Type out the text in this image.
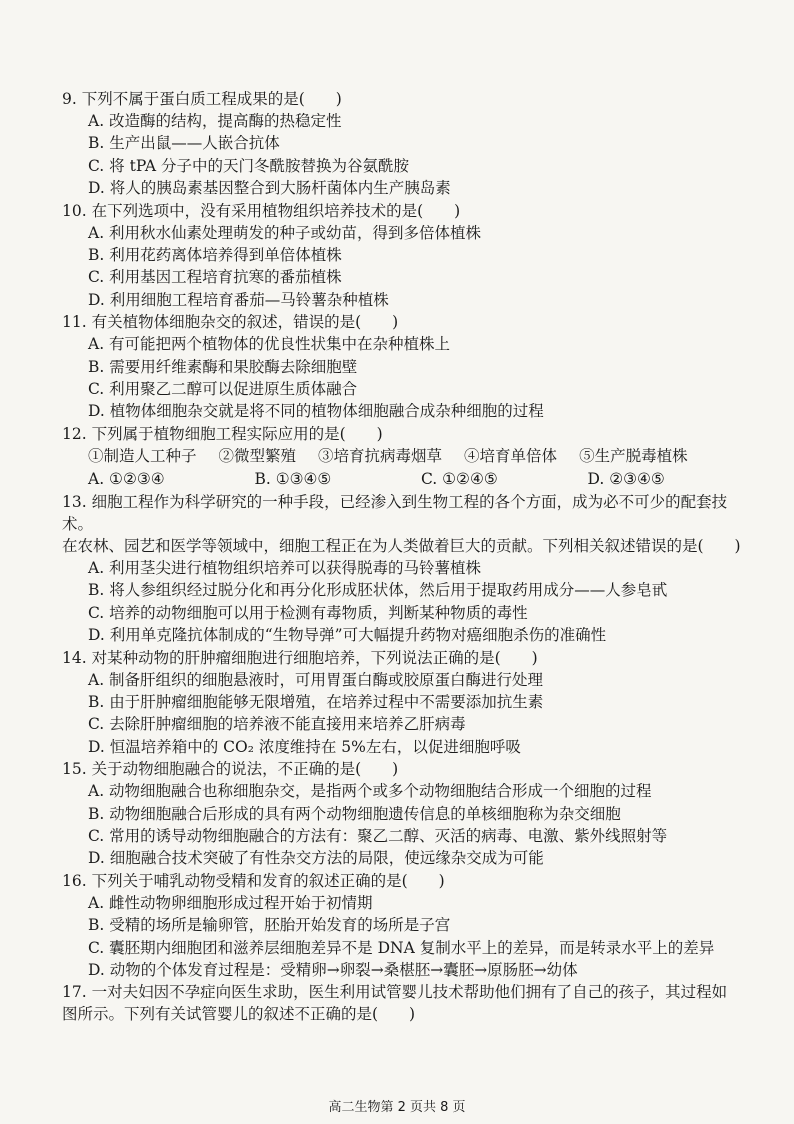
9. 下列不属于蛋白质工程成果的是(　　)
A. 改造酶的结构，提高酶的热稳定性
B. 生产出鼠——人嵌合抗体
C. 将 tPA 分子中的天门冬酰胺替换为谷氨酰胺
D. 将人的胰岛素基因整合到大肠杆菌体内生产胰岛素
10. 在下列选项中，没有采用植物组织培养技术的是(　　)
A. 利用秋水仙素处理萌发的种子或幼苗，得到多倍体植株
B. 利用花药离体培养得到单倍体植株
C. 利用基因工程培育抗寒的番茄植株
D. 利用细胞工程培育番茄—马铃薯杂种植株
11. 有关植物体细胞杂交的叙述，错误的是(　　)
A. 有可能把两个植物体的优良性状集中在杂种植株上
B. 需要用纤维素酶和果胶酶去除细胞壁
C. 利用聚乙二醇可以促进原生质体融合
D. 植物体细胞杂交就是将不同的植物体细胞融合成杂种细胞的过程
12. 下列属于植物细胞工程实际应用的是(　　)
①制造人工种子 ②微型繁殖 ③培育抗病毒烟草 ④培育单倍体 ⑤生产脱毒植株
A. ①②③④	B. ①③④⑤	C. ①②④⑤	D. ②③④⑤
13. 细胞工程作为科学研究的一种手段，已经渗入到生物工程的各个方面，成为必不可少的配套技术。
在农林、园艺和医学等领域中，细胞工程正在为人类做着巨大的贡献。下列相关叙述错误的是(　　)
A. 利用茎尖进行植物组织培养可以获得脱毒的马铃薯植株
B. 将人参组织经过脱分化和再分化形成胚状体，然后用于提取药用成分——人参皂甙
C. 培养的动物细胞可以用于检测有毒物质，判断某种物质的毒性
D. 利用单克隆抗体制成的“生物导弹”可大幅提升药物对癌细胞杀伤的准确性
14. 对某种动物的肝肿瘤细胞进行细胞培养，下列说法正确的是(　　)
A. 制备肝组织的细胞悬液时，可用胃蛋白酶或胶原蛋白酶进行处理
B. 由于肝肿瘤细胞能够无限增殖，在培养过程中不需要添加抗生素
C. 去除肝肿瘤细胞的培养液不能直接用来培养乙肝病毒
D. 恒温培养箱中的 CO₂ 浓度维持在 5%左右，以促进细胞呼吸
15. 关于动物细胞融合的说法，不正确的是(　　)
A. 动物细胞融合也称细胞杂交，是指两个或多个动物细胞结合形成一个细胞的过程
B. 动物细胞融合后形成的具有两个动物细胞遗传信息的单核细胞称为杂交细胞
C. 常用的诱导动物细胞融合的方法有：聚乙二醇、灭活的病毒、电激、紫外线照射等
D. 细胞融合技术突破了有性杂交方法的局限，使远缘杂交成为可能
16. 下列关于哺乳动物受精和发育的叙述正确的是(　　)
A. 雌性动物卵细胞形成过程开始于初情期
B. 受精的场所是输卵管，胚胎开始发育的场所是子宫
C. 囊胚期内细胞团和滋养层细胞差异不是 DNA 复制水平上的差异，而是转录水平上的差异
D. 动物的个体发育过程是：受精卵→卵裂→桑椹胚→囊胚→原肠胚→幼体
17. 一对夫妇因不孕症向医生求助，医生利用试管婴儿技术帮助他们拥有了自己的孩子，其过程如
图所示。下列有关试管婴儿的叙述不正确的是(　　)
高二生物第 2 页共 8 页
